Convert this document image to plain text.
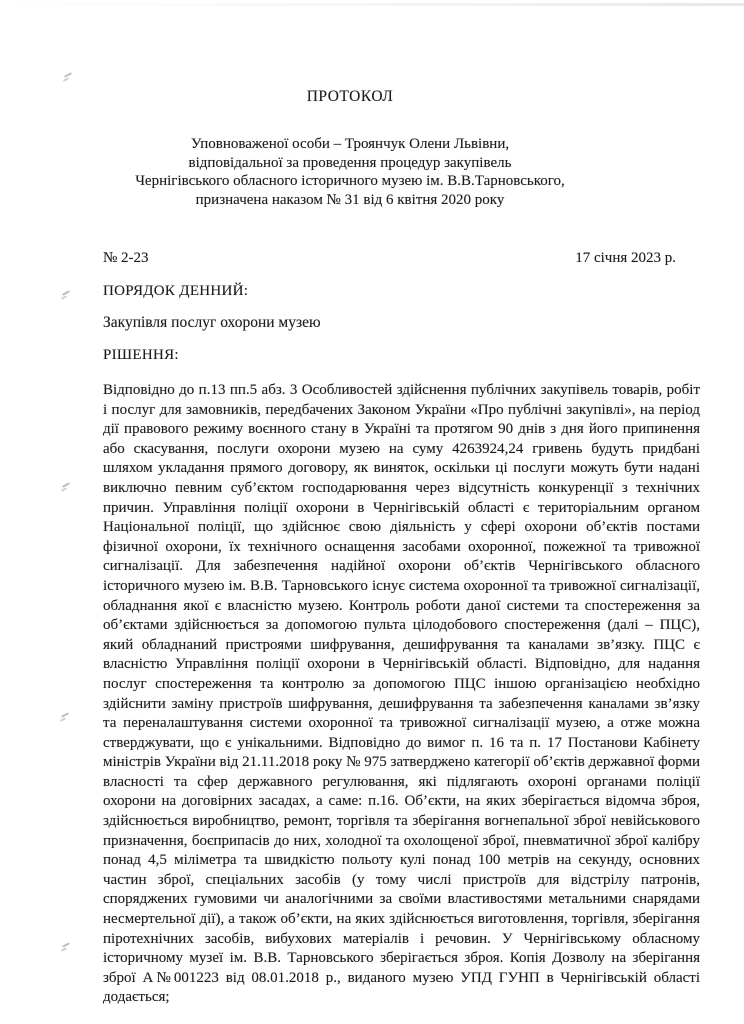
ПРОТОКОЛ
Уповноваженої особи – Троянчук Олени Львівни,
відповідальної за проведення процедур закупівель
Чернігівського обласного історичного музею ім. В.В.Тарновського,
призначена наказом № 31 від 6 квітня 2020 року
№ 2-23	17 січня 2023 р.
ПОРЯДОК ДЕННИЙ:
Закупівля послуг охорони музею
РІШЕННЯ:
Відповідно до п.13 пп.5 абз. 3 Особливостей здійснення публічних закупівель товарів, робіт і послуг для замовників, передбачених Законом України «Про публічні закупівлі», на період дії правового режиму воєнного стану в Україні та протягом 90 днів з дня його припинення або скасування, послуги охорони музею на суму 4263924,24 гривень будуть придбані шляхом укладання прямого договору, як виняток, оскільки ці послуги можуть бути надані виключно певним суб’єктом господарювання через відсутність конкуренції з технічних причин. Управління поліції охорони в Чернігівській області є територіальним органом Національної поліції, що здійснює свою діяльність у сфері охорони об’єктів постами фізичної охорони, їх технічного оснащення засобами охоронної, пожежної та тривожної сигналізації. Для забезпечення надійної охорони об’єктів Чернігівського обласного історичного музею ім. В.В. Тарновського існує система охоронної та тривожної сигналізації, обладнання якої є власністю музею. Контроль роботи даної системи та спостереження за об’єктами здійснюється за допомогою пульта цілодобового спостереження (далі – ПЦС), який обладнаний пристроями шифрування, дешифрування та каналами зв’язку. ПЦС є власністю Управління поліції охорони в Чернігівській області. Відповідно, для надання послуг спостереження та контролю за допомогою ПЦС іншою організацією необхідно здійснити заміну пристроїв шифрування, дешифрування та забезпечення каналами зв’язку та переналаштування системи охоронної та тривожної сигналізації музею, а отже можна стверджувати, що є унікальними. Відповідно до вимог п. 16 та п. 17 Постанови Кабінету міністрів України від 21.11.2018 року № 975 затверджено категорії об’єктів державної форми власності та сфер державного регулювання, які підлягають охороні органами поліції охорони на договірних засадах, а саме: п.16. Об’єкти, на яких зберігається відомча зброя, здійснюється виробництво, ремонт, торгівля та зберігання вогнепальної зброї невійськового призначення, боєприпасів до них, холодної та охолощеної зброї, пневматичної зброї калібру понад 4,5 міліметра та швидкістю польоту кулі понад 100 метрів на секунду, основних частин зброї, спеціальних засобів (у тому числі пристроїв для відстрілу патронів, споряджених гумовими чи аналогічними за своїми властивостями метальними снарядами несмертельної дії), а також об’єкти, на яких здійснюється виготовлення, торгівля, зберігання піротехнічних засобів, вибухових матеріалів і речовин. У Чернігівському обласному історичному музеї ім. В.В. Тарновського зберігається зброя. Копія Дозволу на зберігання зброї А№001223 від 08.01.2018 р., виданого музею УПД ГУНП в Чернігівській області додається;
